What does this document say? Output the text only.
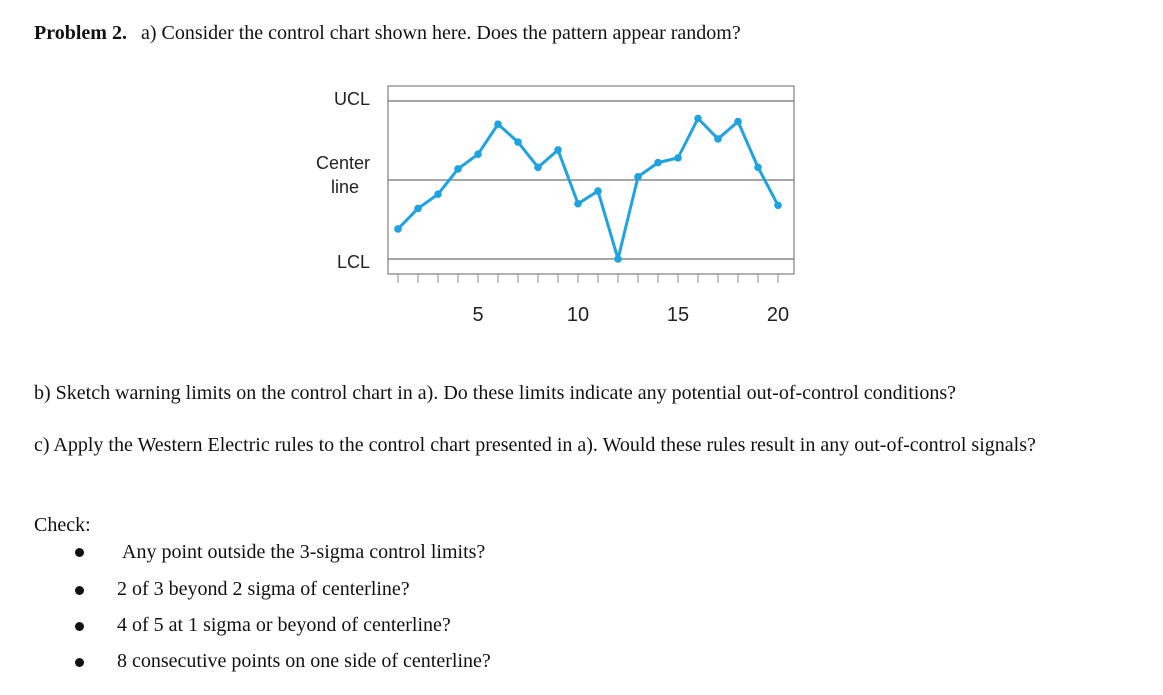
Problem 2. a) Consider the control chart shown here. Does the pattern appear random?
UCL
Center
line
LCL
5	10	15	20
b) Sketch warning limits on the control chart in a). Do these limits indicate any potential out-of-control conditions?
c) Apply the Western Electric rules to the control chart presented in a). Would these rules result in any out-of-control signals?
Check:
Any point outside the 3-sigma control limits?
2 of 3 beyond 2 sigma of centerline?
4 of 5 at 1 sigma or beyond of centerline?
8 consecutive points on one side of centerline?
